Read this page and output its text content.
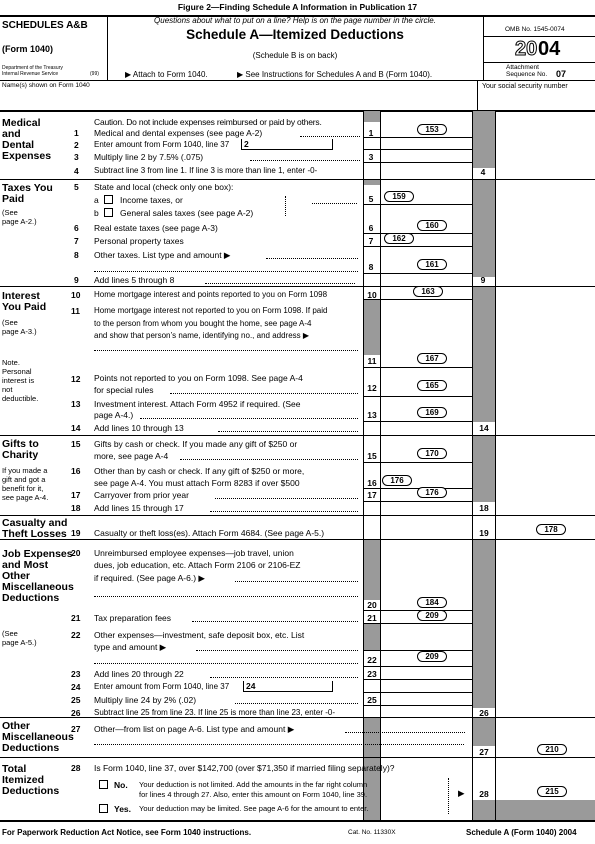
Figure 2—Finding Schedule A Information in Publication 17
SCHEDULES A&B
(Form 1040)
Department of the Treasury
Internal Revenue Service	(99)
Questions about what to put on a line? Help is on the page number in the circle.
Schedule A—Itemized Deductions
(Schedule B is on back)
▶ Attach to Form 1040.	▶ See Instructions for Schedules A and B (Form 1040).
OMB No. 1545-0074
20 04
Attachment
Sequence No. 07
Name(s) shown on Form 1040	Your social security number
Medical
and
Dental
Expenses
Taxes You
Paid
(See
page A-2.)
Interest
You Paid
(See
page A-3.)
Note.
Personal
interest is
not
deductible.
Gifts to
Charity
If you made a
gift and got a
benefit for it,
see page A-4.
Casualty and
Theft Losses
Job Expenses
and Most
Other
Miscellaneous
Deductions
(See
page A-5.)
Other
Miscellaneous
Deductions
Total
Itemized
Deductions
Caution. Do not include expenses reimbursed or paid by others.
1 Medical and dental expenses (see page A-2)	1	153
2 Enter amount from Form 1040, line 37	2
3 Multiply line 2 by 7.5% (.075)	3
4 Subtract line 3 from line 1. If line 3 is more than line 1, enter -0-	4
5 State and local (check only one box):
a	Income taxes, or
b	General sales taxes (see page A-2)
5	159
6 Real estate taxes (see page A-3)	6	160
7 Personal property taxes	7	162
8 Other taxes. List type and amount ▶
8	161
9 Add lines 5 through 8	9
10 Home mortgage interest and points reported to you on Form 1098	10	163
11 Home mortgage interest not reported to you on Form 1098. If paid
to the person from whom you bought the home, see page A-4
and show that person’s name, identifying no., and address ▶
11	167
12 Points not reported to you on Form 1098. See page A-4
for special rules	12	165
13 Investment interest. Attach Form 4952 if required. (See
page A-4.)	13	169
14 Add lines 10 through 13	14
15 Gifts by cash or check. If you made any gift of $250 or
more, see page A-4	15	170
16 Other than by cash or check. If any gift of $250 or more,
see page A-4. You must attach Form 8283 if over $500	16	176
17 Carryover from prior year	17	176
18 Add lines 15 through 17	18
19 Casualty or theft loss(es). Attach Form 4684. (See page A-5.)	19	178
20 Unreimbursed employee expenses—job travel, union
dues, job education, etc. Attach Form 2106 or 2106-EZ
if required. (See page A-6.) ▶
20	184
21 Tax preparation fees	21	209
22 Other expenses—investment, safe deposit box, etc. List
type and amount ▶
22	209
23 Add lines 20 through 22	23
24 Enter amount from Form 1040, line 37	24
25 Multiply line 24 by 2% (.02)	25
26 Subtract line 25 from line 23. If line 25 is more than line 23, enter -0-	26
27 Other—from list on page A-6. List type and amount ▶
27	210
28 Is Form 1040, line 37, over $142,700 (over $71,350 if married filing separately)?
No. Your deduction is not limited. Add the amounts in the far right column
for lines 4 through 27. Also, enter this amount on Form 1040, line 39.
Yes. Your deduction may be limited. See page A-6 for the amount to enter.
▶	28	215
For Paperwork Reduction Act Notice, see Form 1040 instructions.	Cat. No. 11330X	Schedule A (Form 1040) 2004
